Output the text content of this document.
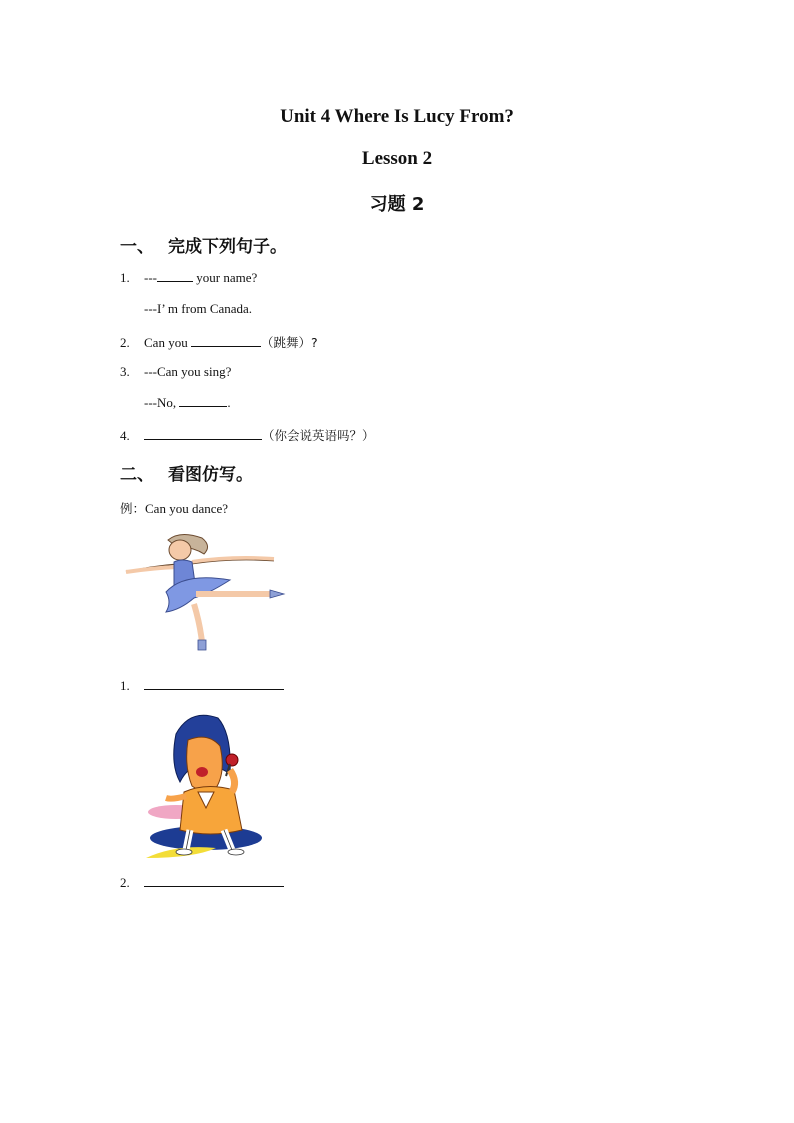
Unit 4 Where Is Lucy From?
Lesson 2
习题 2
一、 完成下列句子。
1. ---	your name?
---I’ m from Canada.
2. Can you	（跳舞）?
3. ---Can you sing?
---No,	.
4.	（你会说英语吗？）
二、 看图仿写。
例：Can you dance?
1.
2.
